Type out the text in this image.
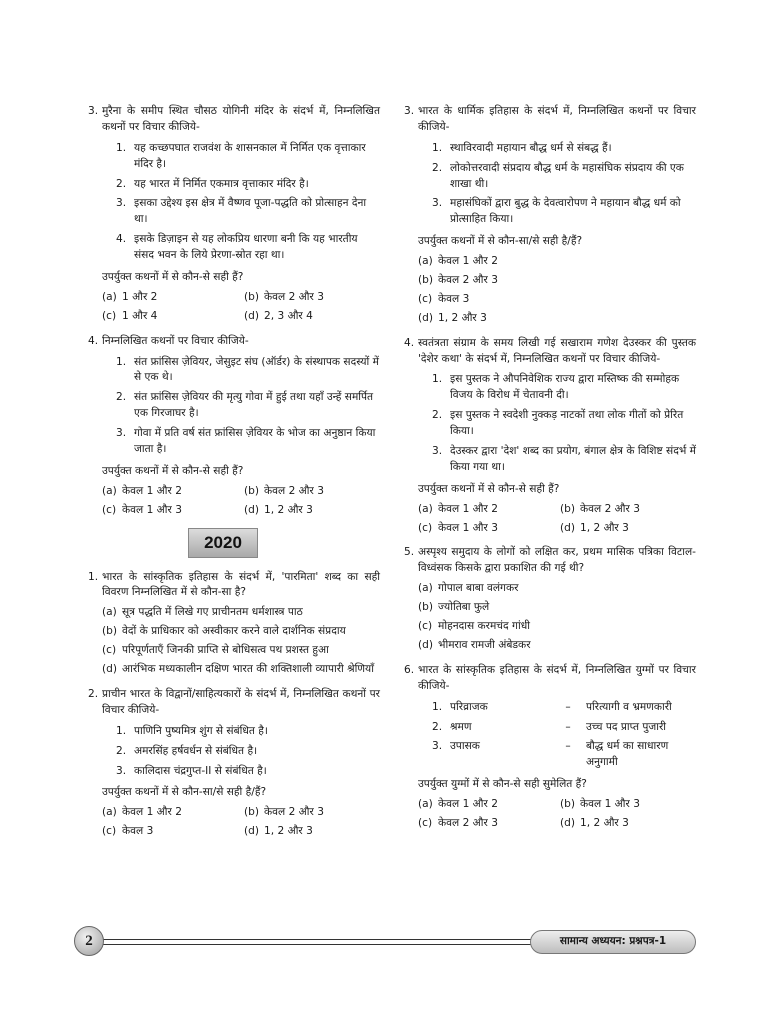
3. मुरैना के समीप स्थित चौसठ योगिनी मंदिर के संदर्भ में, निम्नलिखित कथनों पर विचार कीजिये-
1. यह कच्छपघात राजवंश के शासनकाल में निर्मित एक वृत्ताकार मंदिर है।
2. यह भारत में निर्मित एकमात्र वृत्ताकार मंदिर है।
3. इसका उद्देश्य इस क्षेत्र में वैष्णव पूजा-पद्धति को प्रोत्साहन देना था।
4. इसके डिज़ाइन से यह लोकप्रिय धारणा बनी कि यह भारतीय संसद भवन के लिये प्रेरणा-स्रोत रहा था।
उपर्युक्त कथनों में से कौन-से सही हैं?
(a) 1 और 2	(b) केवल 2 और 3
(c) 1 और 4	(d) 2, 3 और 4
4. निम्नलिखित कथनों पर विचार कीजिये-
1. संत फ्रांसिस ज़ेवियर, जेसुइट संघ (ऑर्डर) के संस्थापक सदस्यों में से एक थे।
2. संत फ्रांसिस ज़ेवियर की मृत्यु गोवा में हुई तथा यहाँ उन्हें समर्पित एक गिरजाघर है।
3. गोवा में प्रति वर्ष संत फ्रांसिस ज़ेवियर के भोज का अनुष्ठान किया जाता है।
उपर्युक्त कथनों में से कौन-से सही हैं?
(a) केवल 1 और 2	(b) केवल 2 और 3
(c) केवल 1 और 3	(d) 1, 2 और 3
2020
1. भारत के सांस्कृतिक इतिहास के संदर्भ में, 'पारमिता' शब्द का सही विवरण निम्नलिखित में से कौन-सा है?
(a) सूत्र पद्धति में लिखे गए प्राचीनतम धर्मशास्त्र पाठ
(b) वेदों के प्राधिकार को अस्वीकार करने वाले दार्शनिक संप्रदाय
(c) परिपूर्णताएँ जिनकी प्राप्ति से बोधिसत्व पथ प्रशस्त हुआ
(d) आरंभिक मध्यकालीन दक्षिण भारत की शक्तिशाली व्यापारी श्रेणियाँ
2. प्राचीन भारत के विद्वानों/साहित्यकारों के संदर्भ में, निम्नलिखित कथनों पर विचार कीजिये-
1. पाणिनि पुष्यमित्र शुंग से संबंधित है।
2. अमरसिंह हर्षवर्धन से संबंधित है।
3. कालिदास चंद्रगुप्त-II से संबंधित है।
उपर्युक्त कथनों में से कौन-सा/से सही है/हैं?
(a) केवल 1 और 2	(b) केवल 2 और 3
(c) केवल 3	(d) 1, 2 और 3
3. भारत के धार्मिक इतिहास के संदर्भ में, निम्नलिखित कथनों पर विचार कीजिये-
1. स्थाविरवादी महायान बौद्ध धर्म से संबद्ध हैं।
2. लोकोत्तरवादी संप्रदाय बौद्ध धर्म के महासंघिक संप्रदाय की एक शाखा थी।
3. महासंघिकों द्वारा बुद्ध के देवत्वारोपण ने महायान बौद्ध धर्म को प्रोत्साहित किया।
उपर्युक्त कथनों में से कौन-सा/से सही है/हैं?
(a) केवल 1 और 2
(b) केवल 2 और 3
(c) केवल 3
(d) 1, 2 और 3
4. स्वतंत्रता संग्राम के समय लिखी गई सखाराम गणेश देउस्कर की पुस्तक 'देशेर कथा' के संदर्भ में, निम्नलिखित कथनों पर विचार कीजिये-
1. इस पुस्तक ने औपनिवेशिक राज्य द्वारा मस्तिष्क की सम्मोहक विजय के विरोध में चेतावनी दी।
2. इस पुस्तक ने स्वदेशी नुक्कड़ नाटकों तथा लोक गीतों को प्रेरित किया।
3. देउस्कर द्वारा 'देश' शब्द का प्रयोग, बंगाल क्षेत्र के विशिष्ट संदर्भ में किया गया था।
उपर्युक्त कथनों में से कौन-से सही हैं?
(a) केवल 1 और 2	(b) केवल 2 और 3
(c) केवल 1 और 3	(d) 1, 2 और 3
5. अस्पृश्य समुदाय के लोगों को लक्षित कर, प्रथम मासिक पत्रिका विटाल-विध्वंसक किसके द्वारा प्रकाशित की गई थी?
(a) गोपाल बाबा वलंगकर
(b) ज्योतिबा फुले
(c) मोहनदास करमचंद गांधी
(d) भीमराव रामजी अंबेडकर
6. भारत के सांस्कृतिक इतिहास के संदर्भ में, निम्नलिखित युग्मों पर विचार कीजिये-
1. परिव्राजक	–	परित्यागी व भ्रमणकारी
2. श्रमण	–	उच्च पद प्राप्त पुजारी
3. उपासक	–	बौद्ध धर्म का साधारण अनुगामी
उपर्युक्त युग्मों में से कौन-से सही सुमेलित हैं?
(a) केवल 1 और 2	(b) केवल 1 और 3
(c) केवल 2 और 3	(d) 1, 2 और 3
2	सामान्य अध्ययन: प्रश्नपत्र-1
